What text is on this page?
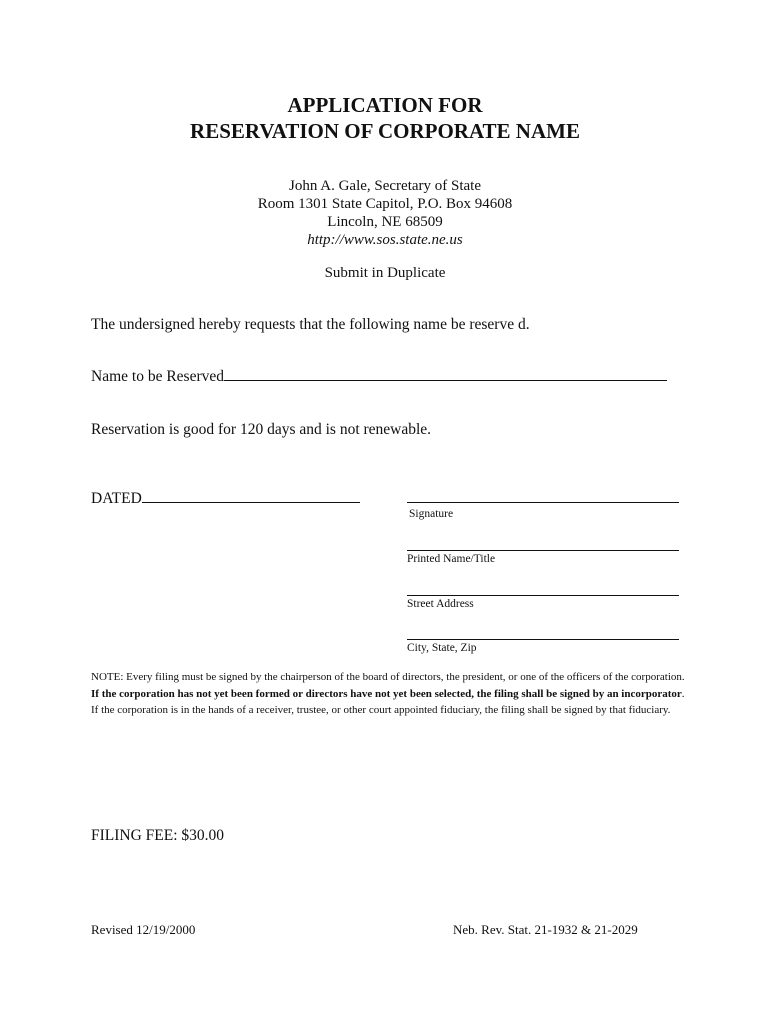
APPLICATION FOR
RESERVATION OF CORPORATE NAME
John A. Gale, Secretary of State
Room 1301 State Capitol, P.O. Box 94608
Lincoln, NE 68509
http://www.sos.state.ne.us
Submit in Duplicate
The undersigned hereby requests that the following name be reserve d.
Name to be Reserved
Reservation is good for 120 days and is not renewable.
DATED
Signature
Printed Name/Title
Street Address
City, State, Zip
NOTE: Every filing must be signed by the chairperson of the board of directors, the president, or one of the officers of the corporation. If the corporation has not yet been formed or directors have not yet been selected, the filing shall be signed by an incorporator. If the corporation is in the hands of a receiver, trustee, or other court appointed fiduciary, the filing shall be signed by that fiduciary.
FILING FEE: $30.00
Revised 12/19/2000	Neb. Rev. Stat. 21-1932 & 21-2029
